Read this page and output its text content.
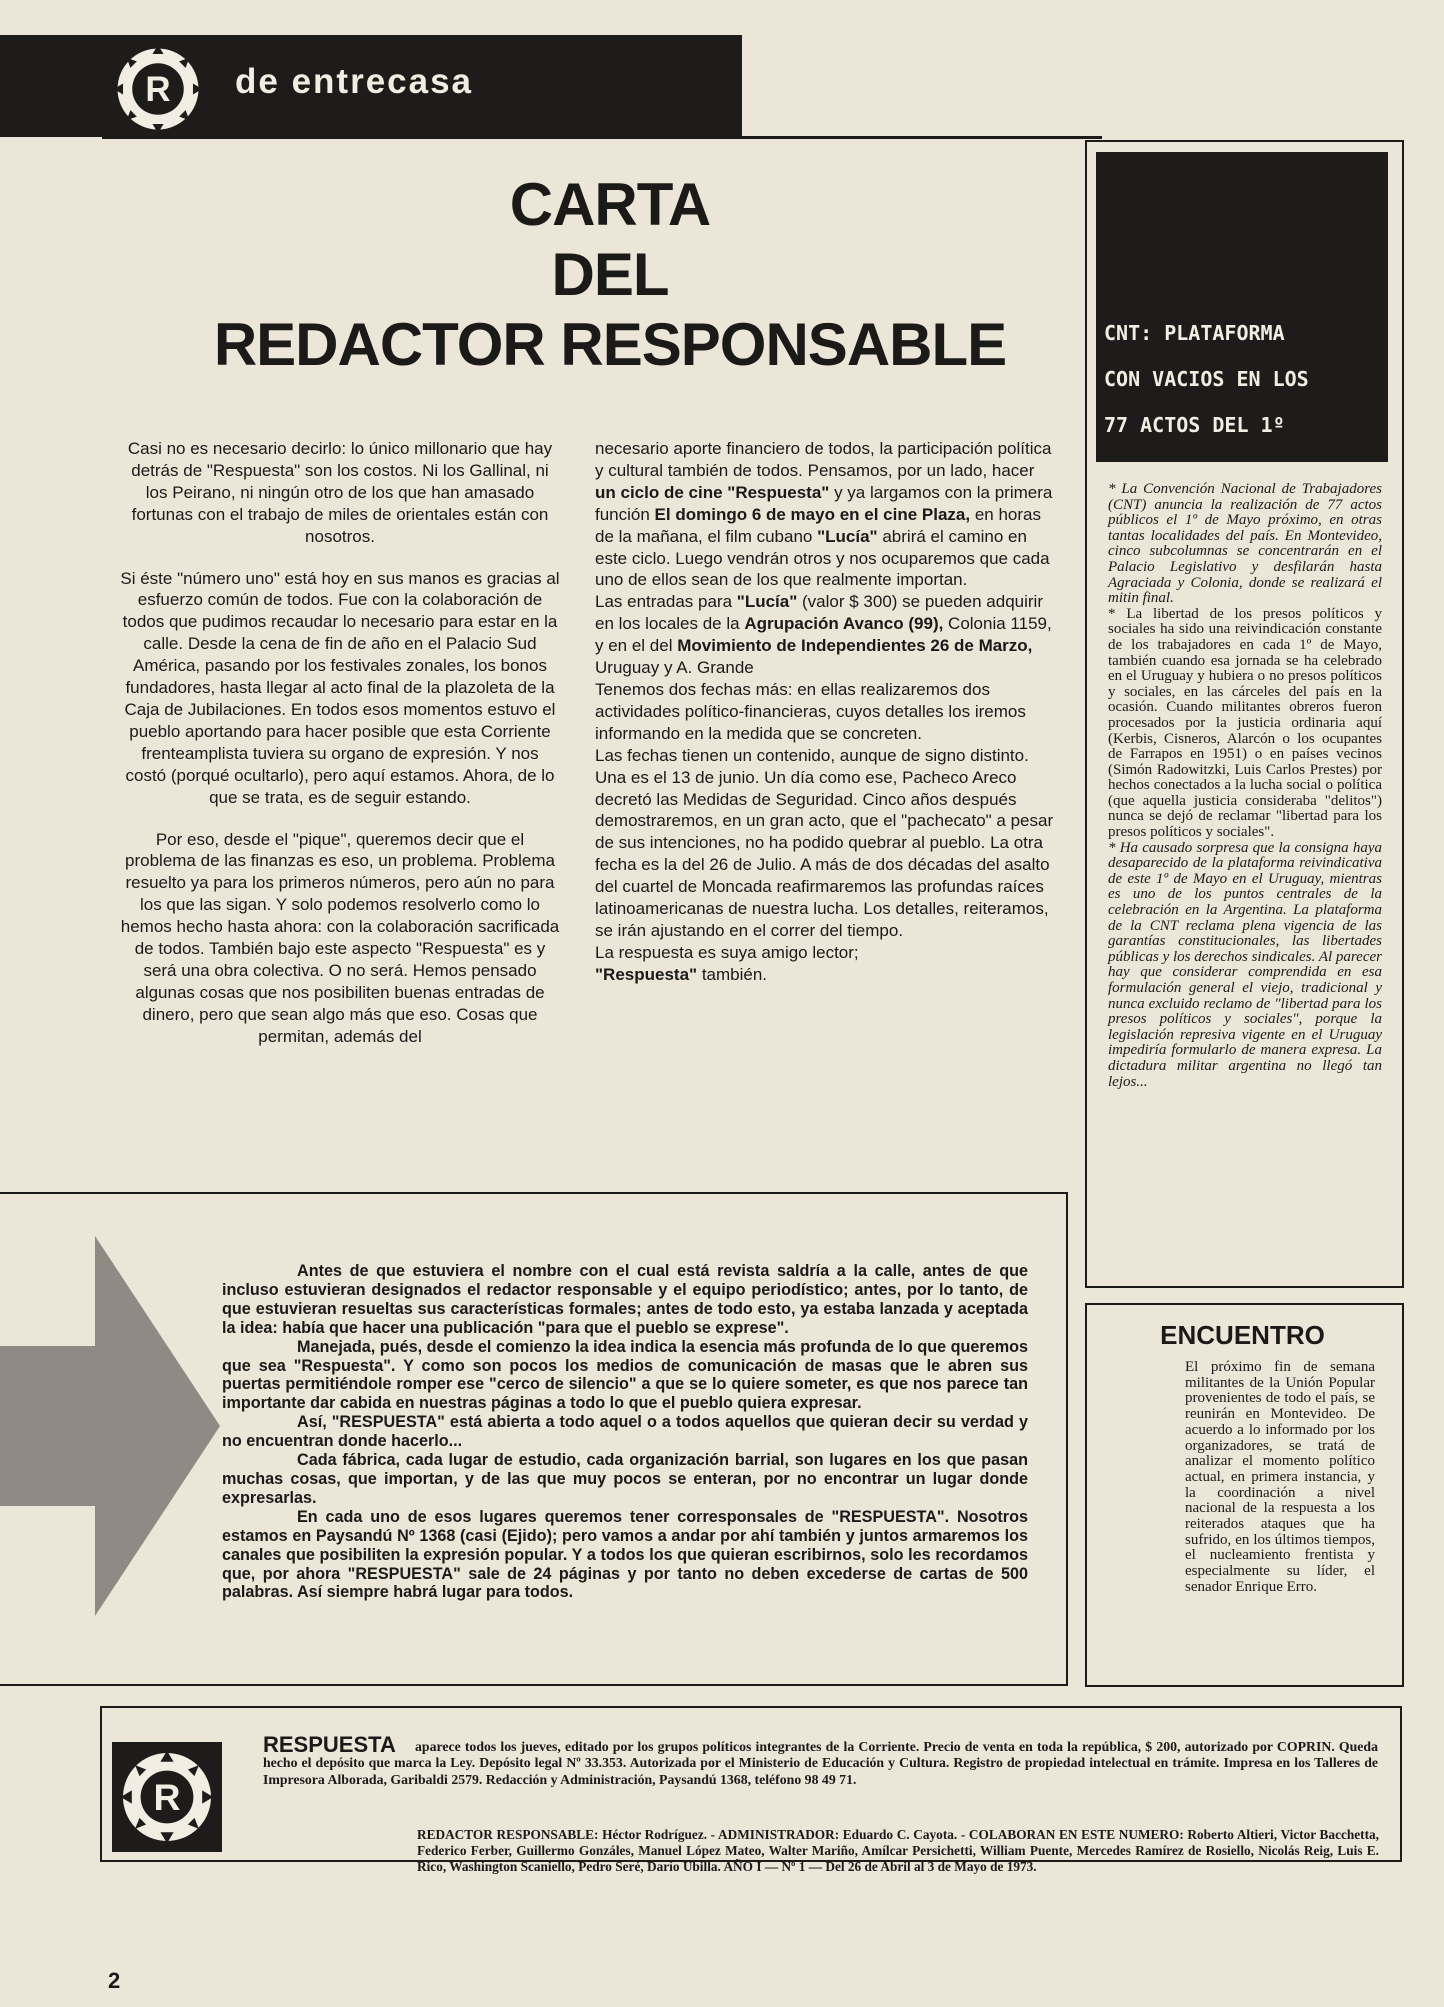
R de entrecasa
CARTA
DEL
REDACTOR RESPONSABLE

Casi no es necesario decirlo: lo único millonario que hay detrás de "Respuesta" son los costos. Ni los Gallinal, ni los Peirano, ni ningún otro de los que han amasado fortunas con el trabajo de miles de orientales están con nosotros.

Si éste "número uno" está hoy en sus manos es gracias al esfuerzo común de todos. Fue con la colaboración de todos que pudimos recaudar lo necesario para estar en la calle. Desde la cena de fin de año en el Palacio Sud América, pasando por los festivales zonales, los bonos fundadores, hasta llegar al acto final de la plazoleta de la Caja de Jubilaciones. En todos esos momentos estuvo el pueblo aportando para hacer posible que esta Corriente frenteamplista tuviera su organo de expresión. Y nos costó (porqué ocultarlo), pero aquí estamos. Ahora, de lo que se trata, es de seguir estando.

Por eso, desde el "pique", queremos decir que el problema de las finanzas es eso, un problema. Problema resuelto ya para los primeros números, pero aún no para los que las sigan. Y solo podemos resolverlo como lo hemos hecho hasta ahora: con la colaboración sacrificada de todos. También bajo este aspecto "Respuesta" es y será una obra colectiva. O no será. Hemos pensado algunas cosas que nos posibiliten buenas entradas de dinero, pero que sean algo más que eso. Cosas que permitan, además del

necesario aporte financiero de todos, la participación política y cultural también de todos. Pensamos, por un lado, hacer un ciclo de cine "Respuesta" y ya largamos con la primera función El domingo 6 de mayo en el cine Plaza, en horas de la mañana, el film cubano "Lucía" abrirá el camino en este ciclo. Luego vendrán otros y nos ocuparemos que cada uno de ellos sean de los que realmente importan.

Las entradas para "Lucía" (valor $ 300) se pueden adquirir en los locales de la Agrupación Avanco (99), Colonia 1159, y en el del Movimiento de Independientes 26 de Marzo, Uruguay y A. Grande

Tenemos dos fechas más: en ellas realizaremos dos actividades político-financieras, cuyos detalles los iremos informando en la medida que se concreten.

Las fechas tienen un contenido, aunque de signo distinto. Una es el 13 de junio. Un día como ese, Pacheco Areco decretó las Medidas de Seguridad. Cinco años después demostraremos, en un gran acto, que el "pachecato" a pesar de sus intenciones, no ha podido quebrar al pueblo. La otra fecha es la del 26 de Julio. A más de dos décadas del asalto del cuartel de Moncada reafirmaremos las profundas raíces latinoamericanas de nuestra lucha. Los detalles, reiteramos, se irán ajustando en el correr del tiempo.

La respuesta es suya amigo lector;

"Respuesta" también.

CNT: PLATAFORMA
CON VACIOS EN LOS
77 ACTOS DEL 1º

* La Convención Nacional de Trabajadores (CNT) anuncia la realización de 77 actos públicos el 1º de Mayo próximo, en otras tantas localidades del país. En Montevideo, cinco subcolumnas se concentrarán en el Palacio Legislativo y desfilarán hasta Agraciada y Colonia, donde se realizará el mitin final.

* La libertad de los presos políticos y sociales ha sido una reivindicación constante de los trabajadores en cada 1º de Mayo, también cuando esa jornada se ha celebrado en el Uruguay y hubiera o no presos políticos y sociales, en las cárceles del país en la ocasión. Cuando militantes obreros fueron procesados por la justicia ordinaria aquí (Kerbis, Cisneros, Alarcón o los ocupantes de Farrapos en 1951) o en países vecinos (Simón Radowitzki, Luis Carlos Prestes) por hechos conectados a la lucha social o política (que aquella justicia consideraba "delitos") nunca se dejó de reclamar "libertad para los presos políticos y sociales".

* Ha causado sorpresa que la consigna haya desaparecido de la plataforma reivindicativa de este 1º de Mayo en el Uruguay, mientras es uno de los puntos centrales de la celebración en la Argentina. La plataforma de la CNT reclama plena vigencia de las garantías constitucionales, las libertades públicas y los derechos sindicales. Al parecer hay que considerar comprendida en esa formulación general el viejo, tradicional y nunca excluido reclamo de "libertad para los presos políticos y sociales", porque la legislación represiva vigente en el Uruguay impediría formularlo de manera expresa. La dictadura militar argentina no llegó tan lejos...

ENCUENTRO
El próximo fin de semana militantes de la Unión Popular provenientes de todo el país, se reunirán en Montevideo. De acuerdo a lo informado por los organizadores, se tratá de analizar el momento político actual, en primera instancia, y la coordinación a nivel nacional de la respuesta a los reiterados ataques que ha sufrido, en los últimos tiempos, el nucleamiento frentista y especialmente su líder, el senador Enrique Erro.

Antes de que estuviera el nombre con el cual está revista saldría a la calle, antes de que incluso estuvieran designados el redactor responsable y el equipo periodístico; antes, por lo tanto, de que estuvieran resueltas sus características formales; antes de todo esto, ya estaba lanzada y aceptada la idea: había que hacer una publicación "para que el pueblo se exprese".

Manejada, pués, desde el comienzo la idea indica la esencia más profunda de lo que queremos que sea "Respuesta". Y como son pocos los medios de comunicación de masas que le abren sus puertas permitiéndole romper ese "cerco de silencio" a que se lo quiere someter, es que nos parece tan importante dar cabida en nuestras páginas a todo lo que el pueblo quiera expresar.

Así, "RESPUESTA" está abierta a todo aquel o a todos aquellos que quieran decir su verdad y no encuentran donde hacerlo...

Cada fábrica, cada lugar de estudio, cada organización barrial, son lugares en los que pasan muchas cosas, que importan, y de las que muy pocos se enteran, por no encontrar un lugar donde expresarlas.

En cada uno de esos lugares queremos tener corresponsales de "RESPUESTA". Nosotros estamos en Paysandú Nº 1368 (casi (Ejido); pero vamos a andar por ahí también y juntos armaremos los canales que posibiliten la expresión popular. Y a todos los que quieran escribirnos, solo les recordamos que, por ahora "RESPUESTA" sale de 24 páginas y por tanto no deben excederse de cartas de 500 palabras. Así siempre habrá lugar para todos.

R
RESPUESTA	aparece todos los jueves, editado por los grupos políticos integrantes de la Corriente. Precio de venta en toda la república, $ 200, autorizado por COPRIN. Queda hecho el depósito que marca la Ley. Depósito legal Nº 33.353. Autorizada por el Ministerio de Educación y Cultura. Registro de propiedad intelectual en trámite. Impresa en los Talleres de Impresora Alborada, Garibaldi 2579. Redacción y Administración, Paysandú 1368, teléfono 98 49 71.
REDACTOR RESPONSABLE: Héctor Rodríguez. - ADMINISTRADOR: Eduardo C. Cayota. - COLABORAN EN ESTE NUMERO: Roberto Altieri, Victor Bacchetta, Federico Ferber, Guillermo Gonzáles, Manuel López Mateo, Walter Mariño, Amílcar Persichetti, William Puente, Mercedes Ramírez de Rosiello, Nicolás Reig, Luis E. Rico, Washington Scaniello, Pedro Seré, Darío Ubilla. AÑO I — Nº 1 — Del 26 de Abril al 3 de Mayo de 1973.
2
